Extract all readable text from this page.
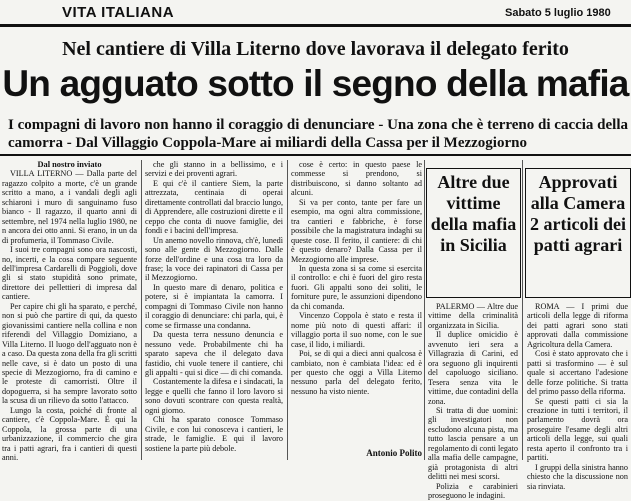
VITA ITALIANA	Sabato 5 luglio 1980
Nel cantiere di Villa Literno dove lavorava il delegato ferito
Un agguato sotto il segno della mafia
I compagni di lavoro non hanno il coraggio di denunciare - Una zona che è terreno di caccia della camorra - Dal Villaggio Coppola-Mare ai miliardi della Cassa per il Mezzogiorno

Dal nostro inviato

VILLA LITERNO — Dalla parte del ragazzo colpito a morte, c'è un grande scritto a mano, a i vandali degli agli schiaroni i muro di sanguinamo fuso bianco - Il ragazzo, il quarto anni di settembre, nel 1974 nella luglio 1980, ne n ancora dei otto anni. Si erano, in un da di profumeria, il Tommaso Civile.

I suoi tre compagni sono ora nascosti, no, incerti, e la cosa compare seguente dell'impresa Cardarelli di Poggioli, dove gli si stato stupidità sono primate, direttore dei pellettieri di impresa dal cantiere.

Per capire chi gli ha sparato, e perché, non si può che partire di qui, da questo giovanissimi cantiere nella collina e non riferendi del Villaggio Domiziano, a Villa Literno. Il luogo dell'agguato non è a caso. Da questa zona della fra gli scritti nelle cave, si è dato un posto di una specie di Mezzogiorno, fra di camino e le proteste di camorristi. Oltre il dopoguerra, si ha sempre lavorato sotto la scusa di un rilievo da sotto l'attacco.

Lungo la costa, poiché di fronte al cantiere, c'è Coppola-Mare. È qui la Coppola, la grossa parte di una urbanizzazione, il commercio che gira tra i patti agrari, fra i cantieri di questi anni.

che gli stanno in a bellissimo, e i servizi e dei proventi agrari.

E qui c'è il cantiere Siem, la parte attrezzata, centinaia di operai direttamente controllati dal braccio lungo, di Apprendere, alle costruzioni dirette e il ceppo che conta di nuove famiglie, dei fondi e i bacini dell'impresa.

Un anemo novello rinnova, ch'è, lunedì sono alle gente di Mezzogiorno. Dalle forze dell'ordine e una cosa tra loro da frase; la voce dei rapinatori di Cassa per il Mezzogiorno.

In questo mare di denaro, politica e potere, si è impiantata la camorra. I compagni di Tommaso Civile non hanno il coraggio di denunciare: chi parla, qui, è come se firmasse una condanna.

Da questa terra nessuno denuncia e nessuno vede. Probabilmente chi ha sparato sapeva che il delegato dava fastidio, chi vuole tenere il cantiere, chi gli appalti - qui si dice — di chi comanda.

Costantemente la difesa e i sindacati, la legge e quelli che fanno il loro lavoro si sono dovuti scontrare con questa realtà, ogni giorno.

Chi ha sparato conosce Tommaso Civile, e con lui conosceva i cantieri, le strade, le famiglie. E qui il lavoro sostiene la parte più debole.

cose è certo: in questo paese le commesse si prendono, si distribuiscono, si danno soltanto ad alcuni.

Si va per conto, tante per fare un esempio, ma ogni altra commissione, tra cantieri e fabbriche, è forse possibile che la magistratura indaghi su queste cose. Il ferito, il cantiere: di chi è questo denaro? Dalla Cassa per il Mezzogiorno alle imprese.

In questa zona si sa come si esercita il controllo: e chi è fuori del giro resta fuori. Gli appalti sono dei soliti, le forniture pure, le assunzioni dipendono da chi comanda.

Vincenzo Coppola è stato e resta il nome più noto di questi affari: il villaggio porta il suo nome, con le sue case, il lido, i miliardi.

Poi, se di qui a dieci anni qualcosa è cambiato, non è cambiata l'idea: ed è per questo che oggi a Villa Literno nessuno parla del delegato ferito, nessuno ha visto niente.

Antonio Polito
Altre due vittime della mafia in Sicilia

PALERMO — Altre due vittime della criminalità organizzata in Sicilia.

Il duplice omicidio è avvenuto ieri sera a Villagrazia di Carini, ed ora seguono gli inquirenti del capoluogo siciliano. Tesera senza vita le vittime, due contadini della zona.

Si tratta di due uomini: gli investigatori non escludono alcuna pista, ma tutto lascia pensare a un regolamento di conti legato alla mafia delle campagne, già protagonista di altri delitti nei mesi scorsi.

Polizia e carabinieri proseguono le indagini.

Approvati alla Camera 2 articoli dei patti agrari

ROMA — I primi due articoli della legge di riforma dei patti agrari sono stati approvati dalla commissione Agricoltura della Camera.

Cosi è stato approvato che i patti si trasformino — è sul quale si accertano l'adesione delle forze politiche. Si tratta del primo passo della riforma.

Se questi patti ci sia la creazione in tutti i territori, il parlamento dovrà ora proseguire l'esame degli altri articoli della legge, sui quali resta aperto il confronto tra i partiti.

I gruppi della sinistra hanno chiesto che la discussione non sia rinviata.
